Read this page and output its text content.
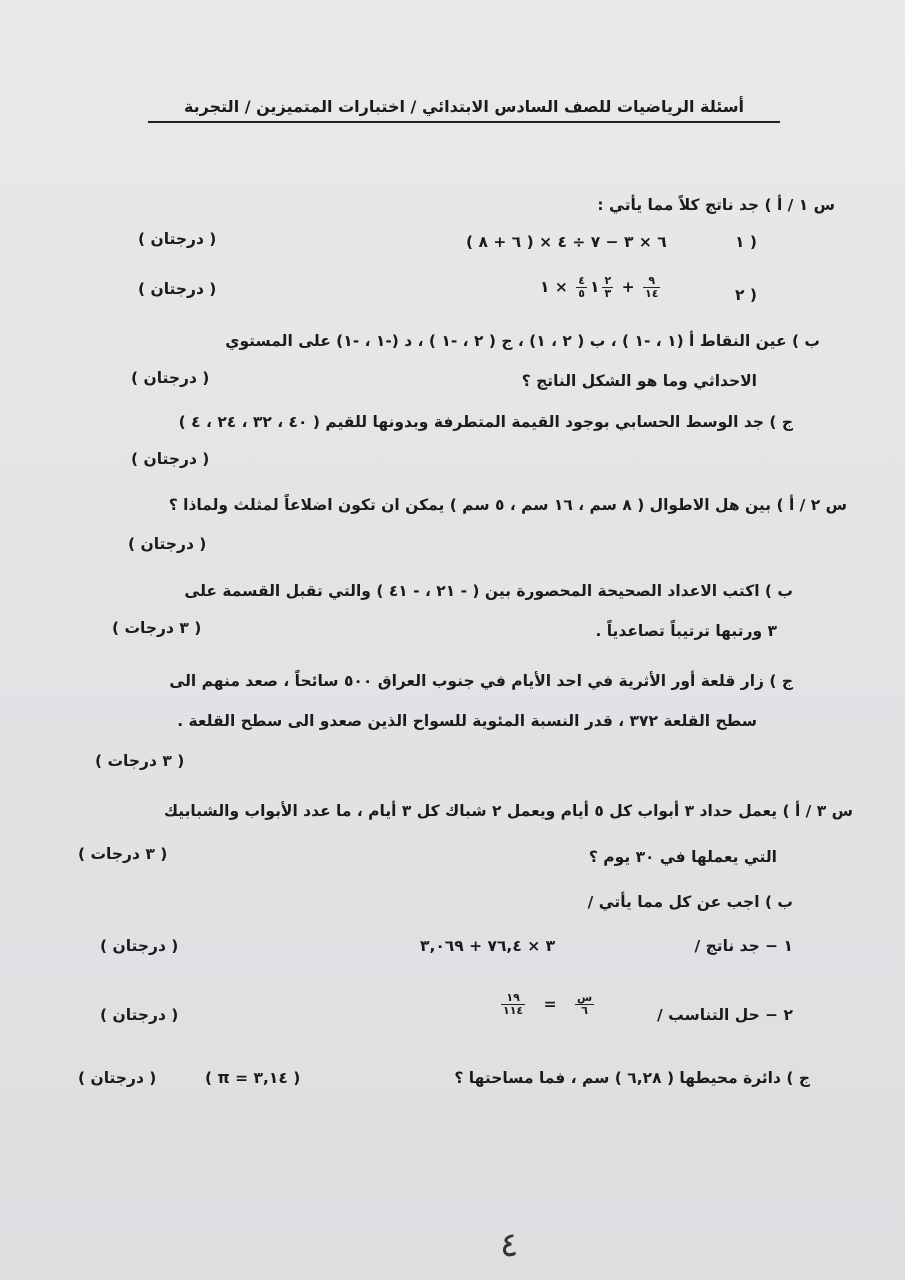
أسئلة الرياضيات للصف السادس الابتدائي / اختبارات المتميزين / التجربة
س ١ / أ ) جد ناتج كلاً مما يأتي :
١ )
٦ × ٣ − ٧ ÷ ٤ × ( ٦ + ٨ )
( درجتان )
٢ )
١
$\frac{٤}{٥}$
× ١	$\frac{٢}{٣} + \frac{٩}{١٤}$
( درجتان )
ب ) عين النقاط أ (١ ، -١ ) ، ب ( ٢ ، ١) ، ج ( ٢ ، -١ ) ، د (-١ ، -١) على المستوي
الاحداثي وما هو الشكل الناتج ؟
( درجتان )
ج ) جد الوسط الحسابي بوجود القيمة المتطرفة وبدونها للقيم ( ٤٠ ، ٣٢ ، ٢٤ ، ٤ )
( درجتان )
س ٢ / أ ) بين هل الاطوال ( ٨ سم ، ١٦ سم ، ٥ سم ) يمكن ان تكون اضلاعاً لمثلث ولماذا ؟
( درجتان )
ب ) اكتب الاعداد الصحيحة المحصورة بين ( - ٢١ ، - ٤١ ) والتي تقبل القسمة على
٣ ورتبها ترتيباً تصاعدياً .
( ٣ درجات )
ج ) زار قلعة أور الأثرية في احد الأيام في جنوب العراق ٥٠٠ سائحاً ، صعد منهم الى
سطح القلعة ٣٧٢ ، قدر النسبة المئوية للسواح الذين صعدو الى سطح القلعة .
( ٣ درجات )
س ٣ / أ ) يعمل حداد ٣ أبواب كل ٥ أيام ويعمل ٢ شباك كل ٣ أيام ، ما عدد الأبواب والشبابيك
التي يعملها في ٣٠ يوم ؟
( ٣ درجات )
ب ) اجب عن كل مما يأتي /
١ − جد ناتج /
٣ × ٧٦,٤ + ٣,٠٦٩
( درجتان )
٢ − حل التناسب /
$\frac{١٩}{١١٤} = \frac{\text{س}}{٦}$
( درجتان )
ج ) دائرة محيطها ( ٦,٢٨ ) سم ، فما مساحتها ؟
( π = ٣,١٤ )
( درجتان )
٤
